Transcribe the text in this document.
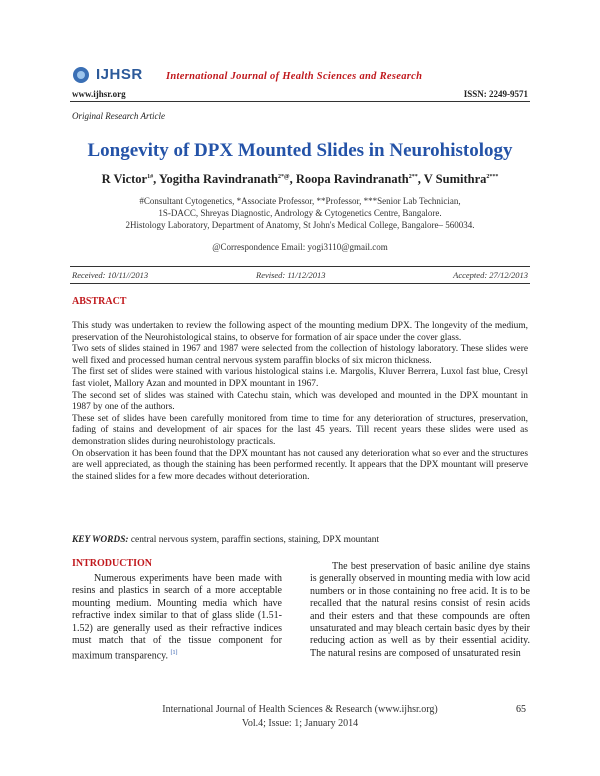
IJHSR International Journal of Health Sciences and Research
www.ijhsr.org	ISSN: 2249-9571
Original Research Article
Longevity of DPX Mounted Slides in Neurohistology
R Victor$^{1\#}$, Yogitha Ravindranath$^{2*@}$, Roopa Ravindranath$^{2**}$, V Sumithra$^{2***}$
#Consultant Cytogenetics, *Associate Professor, **Professor, ***Senior Lab Technician,
1S-DACC, Shreyas Diagnostic, Andrology & Cytogenetics Centre, Bangalore.
2Histology Laboratory, Department of Anatomy, St John's Medical College, Bangalore– 560034.
@Correspondence Email: yogi3110@gmail.com
Received: 10/11//2013	Revised: 11/12/2013	Accepted: 27/12/2013
ABSTRACT

This study was undertaken to review the following aspect of the mounting medium DPX. The longevity of the medium, preservation of the Neurohistological stains, to observe for formation of air space under the cover glass.

Two sets of slides stained in 1967 and 1987 were selected from the collection of histology laboratory. These slides were well fixed and processed human central nervous system paraffin blocks of six micron thickness.

The first set of slides were stained with various histological stains i.e. Margolis, Kluver Berrera, Luxol fast blue, Cresyl fast violet, Mallory Azan and mounted in DPX mountant in 1967.

The second set of slides was stained with Catechu stain, which was developed and mounted in the DPX mountant in 1987 by one of the authors.

These set of slides have been carefully monitored from time to time for any deterioration of structures, preservation, fading of stains and development of air spaces for the last 45 years. Till recent years these slides were used as demonstration slides during neurohistology practicals.

On observation it has been found that the DPX mountant has not caused any deterioration what so ever and the structures are well appreciated, as though the staining has been performed recently. It appears that the DPX mountant will preserve the stained slides for a few more decades without deterioration.

KEY WORDS: central nervous system, paraffin sections, staining, DPX mountant
INTRODUCTION

Numerous experiments have been made with resins and plastics in search of a more acceptable mounting medium. Mounting media which have refractive index similar to that of glass slide (1.51-1.52) are generally used as their refractive indices must match that of the tissue component for maximum transparency. [1]

The best preservation of basic aniline dye stains is generally observed in mounting media with low acid numbers or in those containing no free acid. It is to be recalled that the natural resins consist of resin acids and their esters and that these compounds are often unsaturated and may bleach certain basic dyes by their reducing action as well as by their essential acidity. The natural resins are composed of unsaturated resin

International Journal of Health Sciences & Research (www.ijhsr.org)
Vol.4; Issue: 1; January 2014
65
